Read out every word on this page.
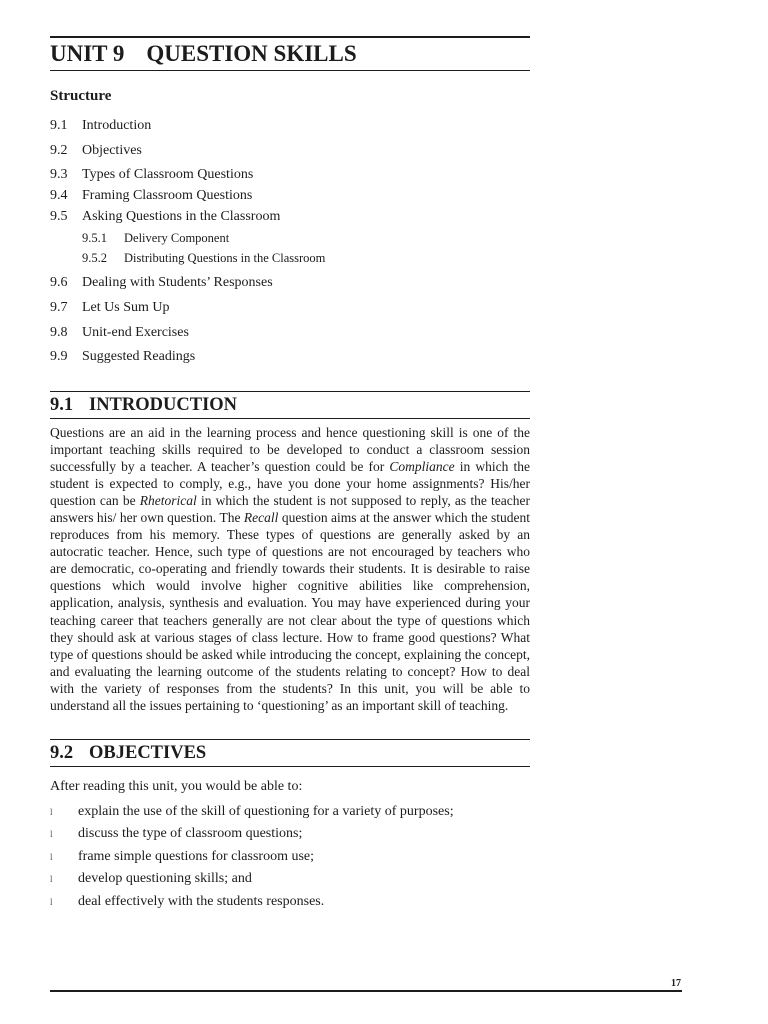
UNIT 9 QUESTION SKILLS
Structure
9.1 Introduction
9.2 Objectives
9.3 Types of Classroom Questions
9.4 Framing Classroom Questions
9.5 Asking Questions in the Classroom
9.5.1 Delivery Component
9.5.2 Distributing Questions in the Classroom
9.6 Dealing with Students’ Responses
9.7 Let Us Sum Up
9.8 Unit-end Exercises
9.9 Suggested Readings
9.1 INTRODUCTION

Questions are an aid in the learning process and hence questioning skill is one of the important teaching skills required to be developed to conduct a classroom session successfully by a teacher. A teacher’s question could be for Compliance in which the student is expected to comply, e.g., have you done your home assignments? His/her question can be Rhetorical in which the student is not supposed to reply, as the teacher answers his/ her own question. The Recall question aims at the answer which the student reproduces from his memory. These types of questions are generally asked by an autocratic teacher. Hence, such type of questions are not encouraged by teachers who are democratic, co-operating and friendly towards their students. It is desirable to raise questions which would involve higher cognitive abilities like comprehension, application, analysis, synthesis and evaluation. You may have experienced during your teaching career that teachers generally are not clear about the type of questions which they should ask at various stages of class lecture. How to frame good questions? What type of questions should be asked while introducing the concept, explaining the concept, and evaluating the learning outcome of the students relating to concept? How to deal with the variety of responses from the students? In this unit, you will be able to understand all the issues pertaining to ‘questioning’ as an important skill of teaching.

9.2 OBJECTIVES
After reading this unit, you would be able to:
l	explain the use of the skill of questioning for a variety of purposes;
l	discuss the type of classroom questions;
l	frame simple questions for classroom use;
l	develop questioning skills; and
l	deal effectively with the students responses.
17
